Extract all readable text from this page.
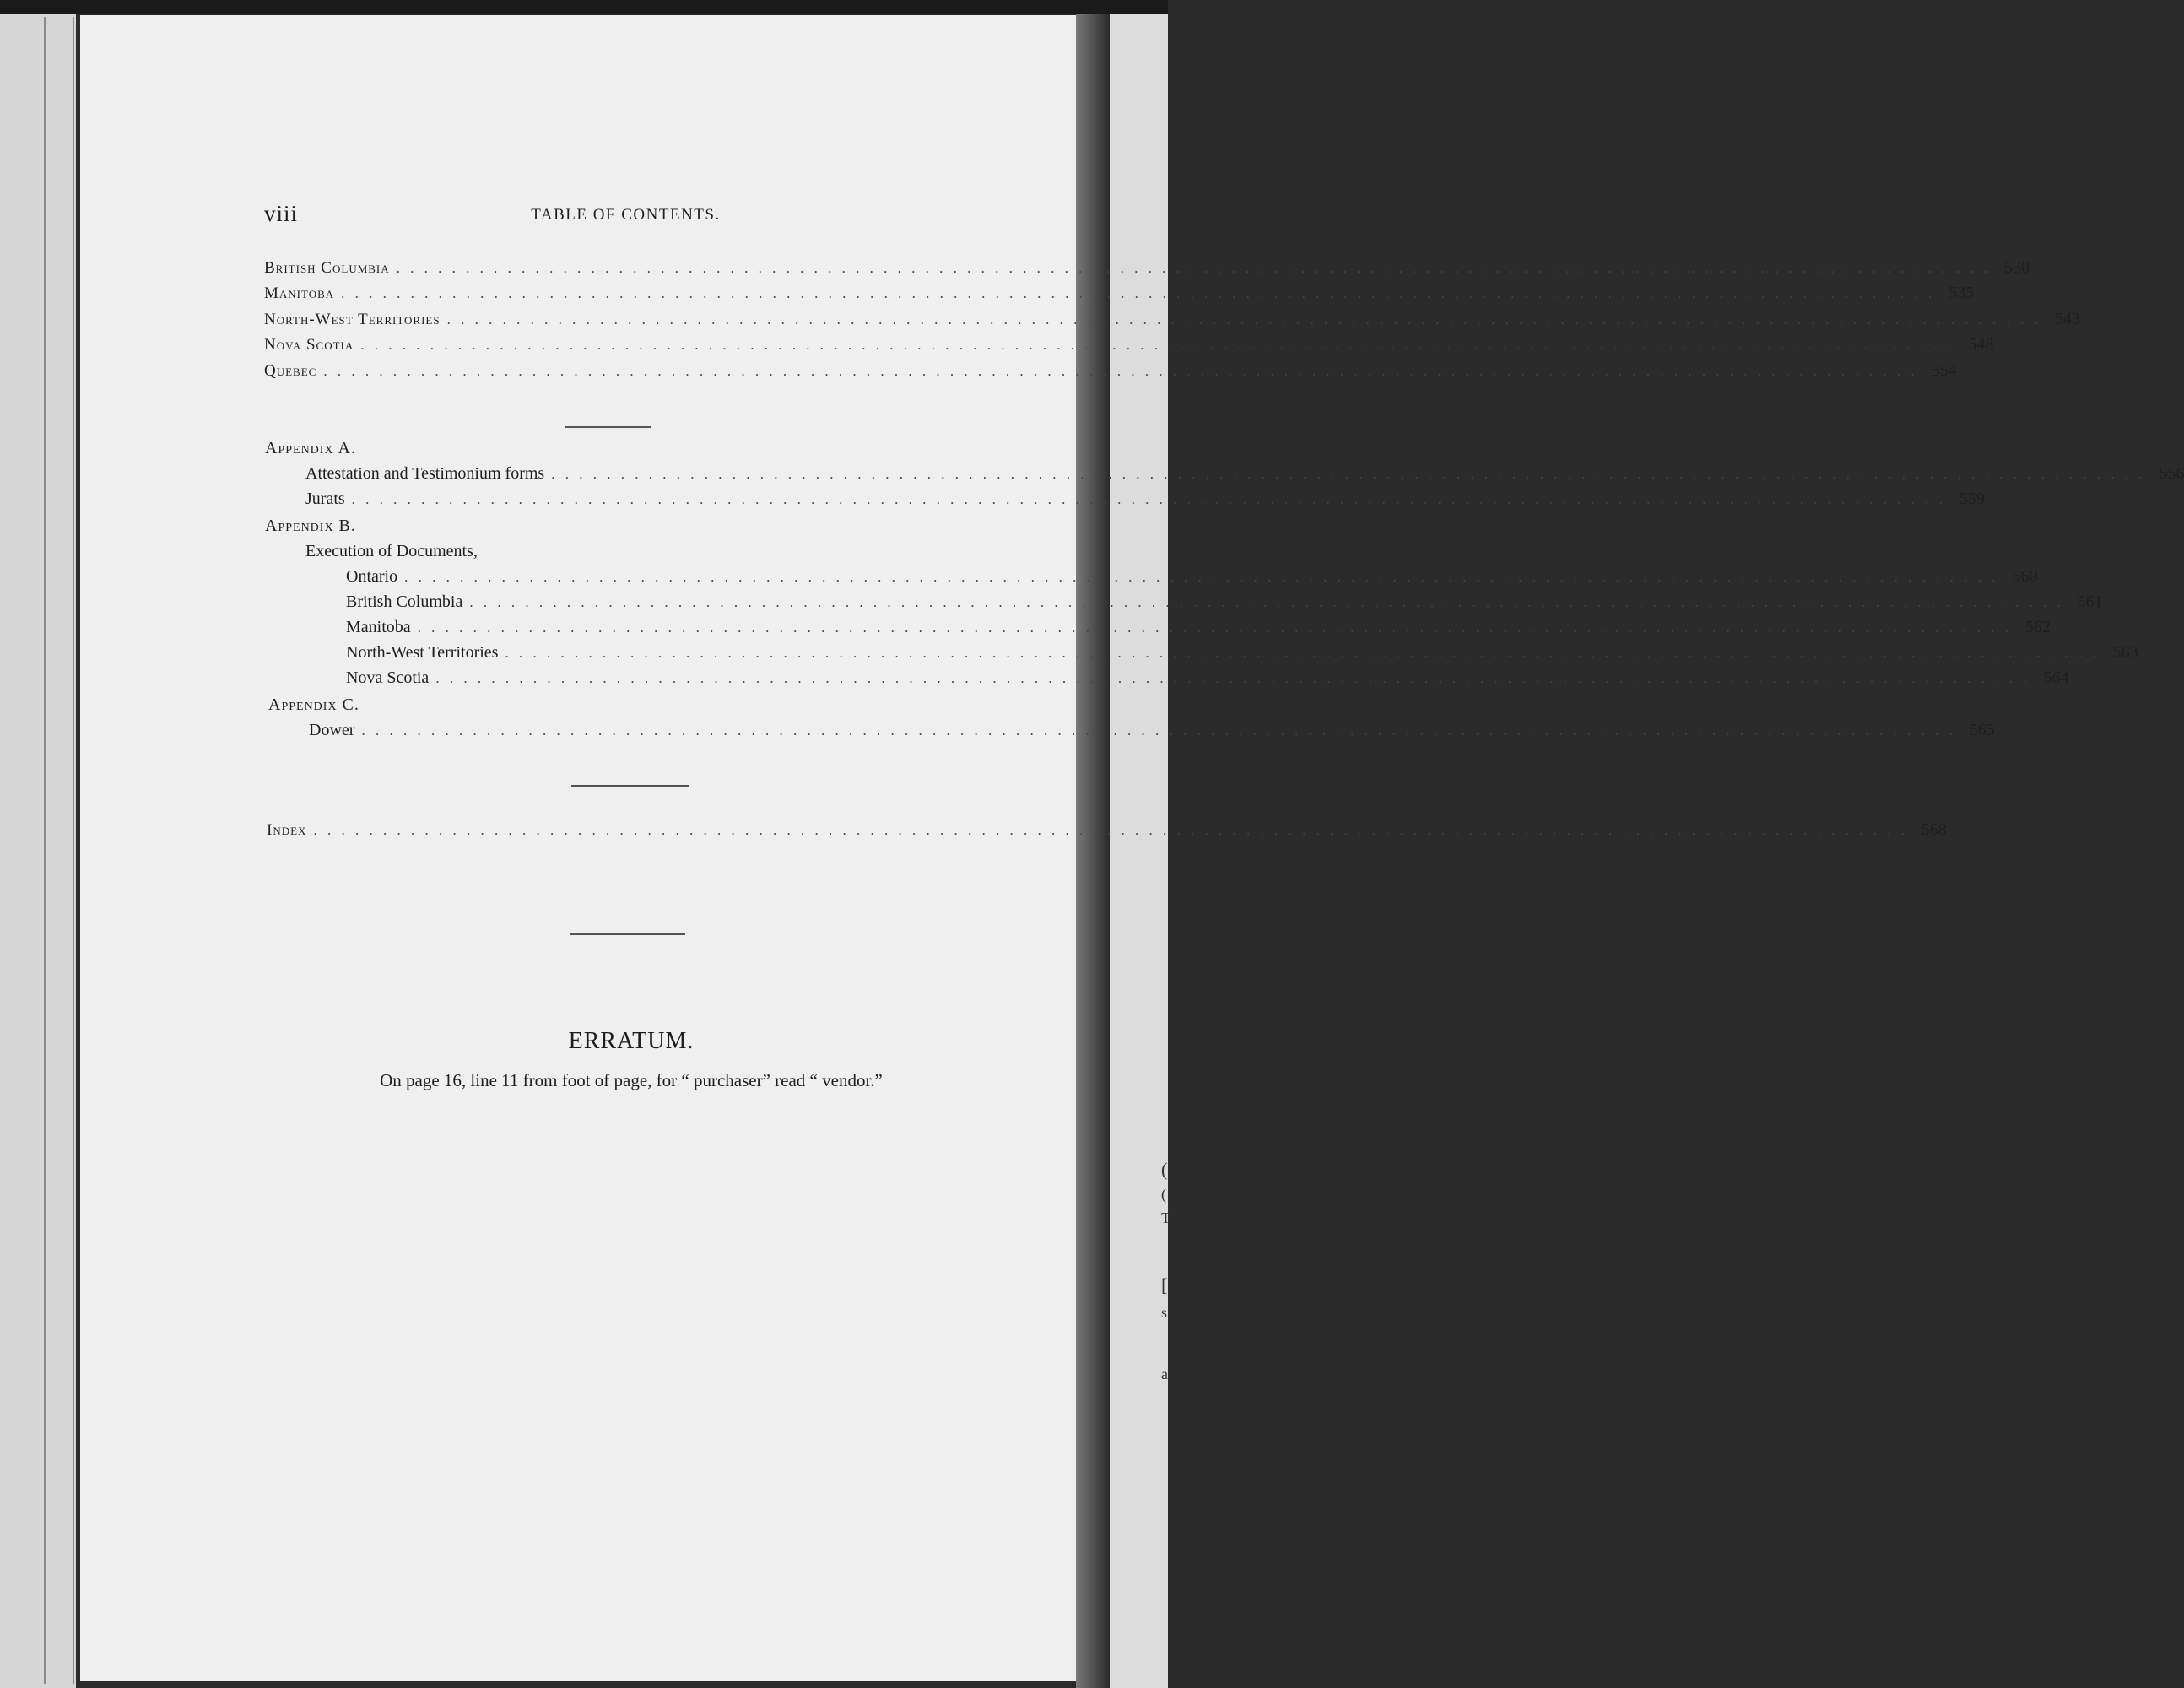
(
(
T
[
s
a
viii	TABLE OF CONTENTS.
British Columbia . . .	530
Manitoba . . .	535
North-West Territories . . .	543
Nova Scotia . . .	548
Quebec . . .	554
Appendix A.
Attestation and Testimonium forms . . .	556
Jurats . . .	559
Appendix B.
Execution of Documents,
Ontario . . .	560
British Columbia . . .	561
Manitoba . . .	562
North-West Territories . . .	563
Nova Scotia . . .	564
Appendix C.
Dower . . .	565
Index . . .	568
ERRATUM.
On page 16, line 11 from foot of page, for “ purchaser” read “ vendor.”
